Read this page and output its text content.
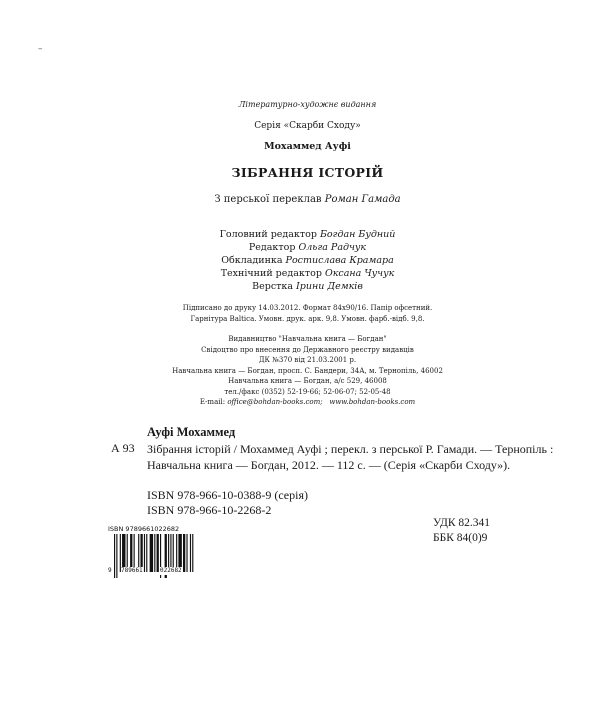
–
Літературно-художнє видання
Серія «Скарби Сходу»
Мохаммед Ауфі
ЗІБРАННЯ ІСТОРІЙ
З перської переклав Роман Гамада
Головний редактор Богдан Будний
Редактор Ольга Радчук
Обкладинка Ростислава Крамара
Технічний редактор Оксана Чучук
Верстка Ірини Демків
Підписано до друку 14.03.2012. Формат 84х90/16. Папір офсетний.
Гарнітура Baltica. Умовн. друк. арк. 9,8. Умовн. фарб.-відб. 9,8.
Видавництво "Навчальна книга — Богдан"
Свідоцтво про внесення до Державного реєстру видавців
ДК №370 від 21.03.2001 р.
Навчальна книга — Богдан, просп. С. Бандери, 34А, м. Тернопіль, 46002
Навчальна книга — Богдан, а/с 529, 46008
тел./факс (0352) 52-19-66; 52-06-07; 52-05-48
E-mail: office@bohdan-books.com; www.bohdan-books.com
Ауфі Мохаммед
А 93 Зібрання історій / Мохаммед Ауфі ; перекл. з перської Р. Гамади. — Тернопіль : Навчальна книга — Богдан, 2012. — 112 с. — (Серія «Скарби Сходу»).
ISBN 978-966-10-0388-9 (серія)
ISBN 978-966-10-2268-2
УДК 82.341
ББК 84(0)9
ISBN 9789661022682
9 789661	022682
